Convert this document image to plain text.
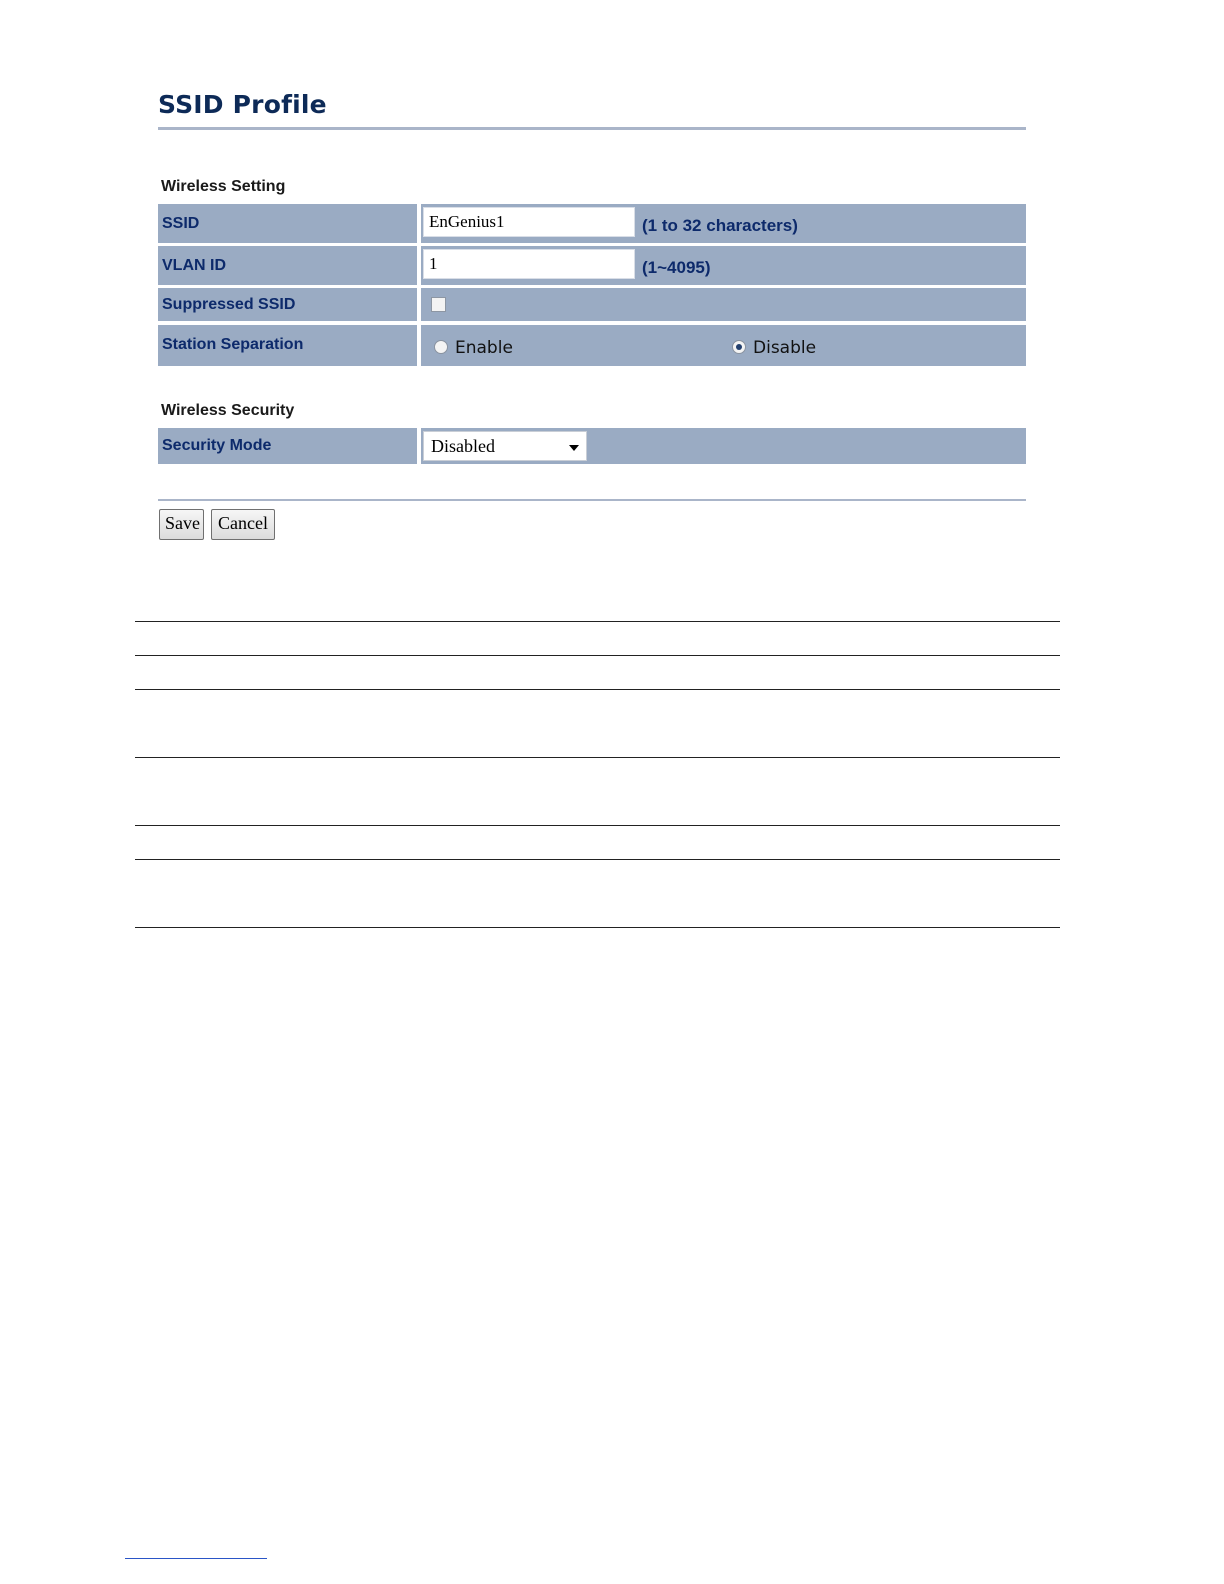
SSID Profile
Wireless Setting
SSID	EnGenius1	(1 to 32 characters)
VLAN ID	1	(1~4095)
Suppressed SSID
Station Separation	Enable	Disable
Wireless Security
Security Mode	Disabled
Save	Cancel
